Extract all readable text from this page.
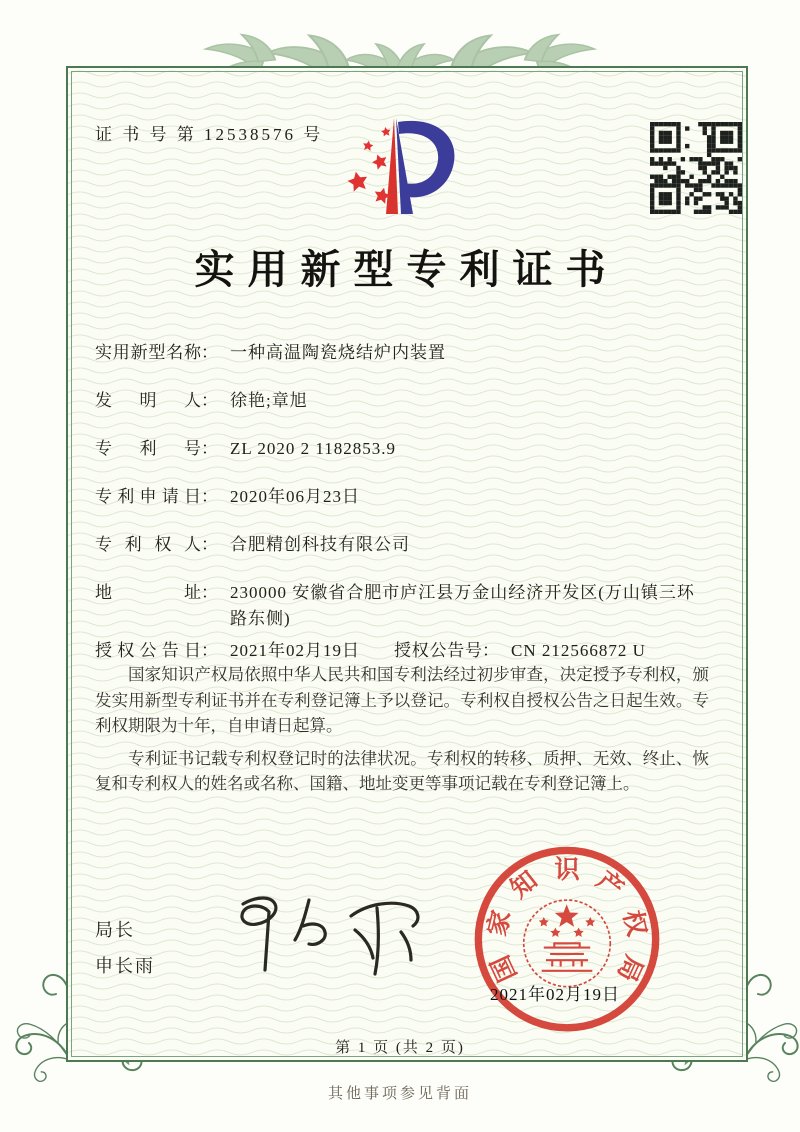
证 书 号 第 12538576 号
实用新型专利证书
实用新型名称 ： 一种高温陶瓷烧结炉内装置
发明人 ： 徐艳;章旭
专利号 ： ZL 2020 2 1182853.9
专利申请日 ： 2020年06月23日
专利权人 ： 合肥精创科技有限公司
地址 ： 230000 安徽省合肥市庐江县万金山经济开发区(万山镇三环路东侧)
授权公告日 ： 2021年02月19日 授权公告号 ： CN 212566872 U

国家知识产权局依照中华人民共和国专利法经过初步审查，决定授予专利权，颁发实用新型专利证书并在专利登记簿上予以登记。专利权自授权公告之日起生效。专利权期限为十年，自申请日起算。

专利证书记载专利权登记时的法律状况。专利权的转移、质押、无效、终止、恢复和专利权人的姓名或名称、国籍、地址变更等事项记载在专利登记簿上。

局长
申长雨	国
家
知 识 产
权
局
2021年02月19日
第 1 页 (共 2 页)
其他事项参见背面
